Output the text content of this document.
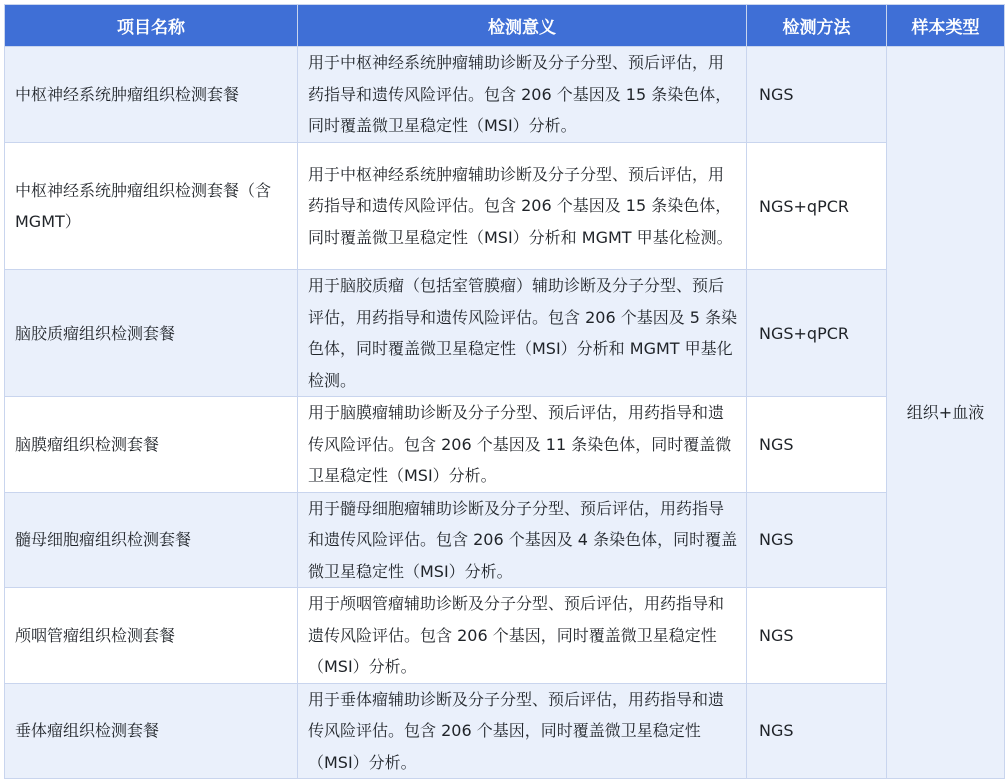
项目名称	检测意义	检测方法	样本类型
中枢神经系统肿瘤组织检测套餐	用于中枢神经系统肿瘤辅助诊断及分子分型、预后评估，用药指导和遗传风险评估。包含 206 个基因及 15 条染色体，同时覆盖微卫星稳定性（MSI）分析。	NGS	组织+血液
中枢神经系统肿瘤组织检测套餐（含 MGMT）	用于中枢神经系统肿瘤辅助诊断及分子分型、预后评估，用药指导和遗传风险评估。包含 206 个基因及 15 条染色体，同时覆盖微卫星稳定性（MSI）分析和 MGMT 甲基化检测。	NGS+qPCR	
脑胶质瘤组织检测套餐	用于脑胶质瘤（包括室管膜瘤）辅助诊断及分子分型、预后评估，用药指导和遗传风险评估。包含 206 个基因及 5 条染色体，同时覆盖微卫星稳定性（MSI）分析和 MGMT 甲基化检测。	NGS+qPCR	
脑膜瘤组织检测套餐	用于脑膜瘤辅助诊断及分子分型、预后评估，用药指导和遗传风险评估。包含 206 个基因及 11 条染色体，同时覆盖微卫星稳定性（MSI）分析。	NGS	
髓母细胞瘤组织检测套餐	用于髓母细胞瘤辅助诊断及分子分型、预后评估，用药指导和遗传风险评估。包含 206 个基因及 4 条染色体，同时覆盖微卫星稳定性（MSI）分析。	NGS	
颅咽管瘤组织检测套餐	用于颅咽管瘤辅助诊断及分子分型、预后评估，用药指导和遗传风险评估。包含 206 个基因，同时覆盖微卫星稳定性（MSI）分析。	NGS	
垂体瘤组织检测套餐	用于垂体瘤辅助诊断及分子分型、预后评估，用药指导和遗传风险评估。包含 206 个基因，同时覆盖微卫星稳定性（MSI）分析。	NGS	
